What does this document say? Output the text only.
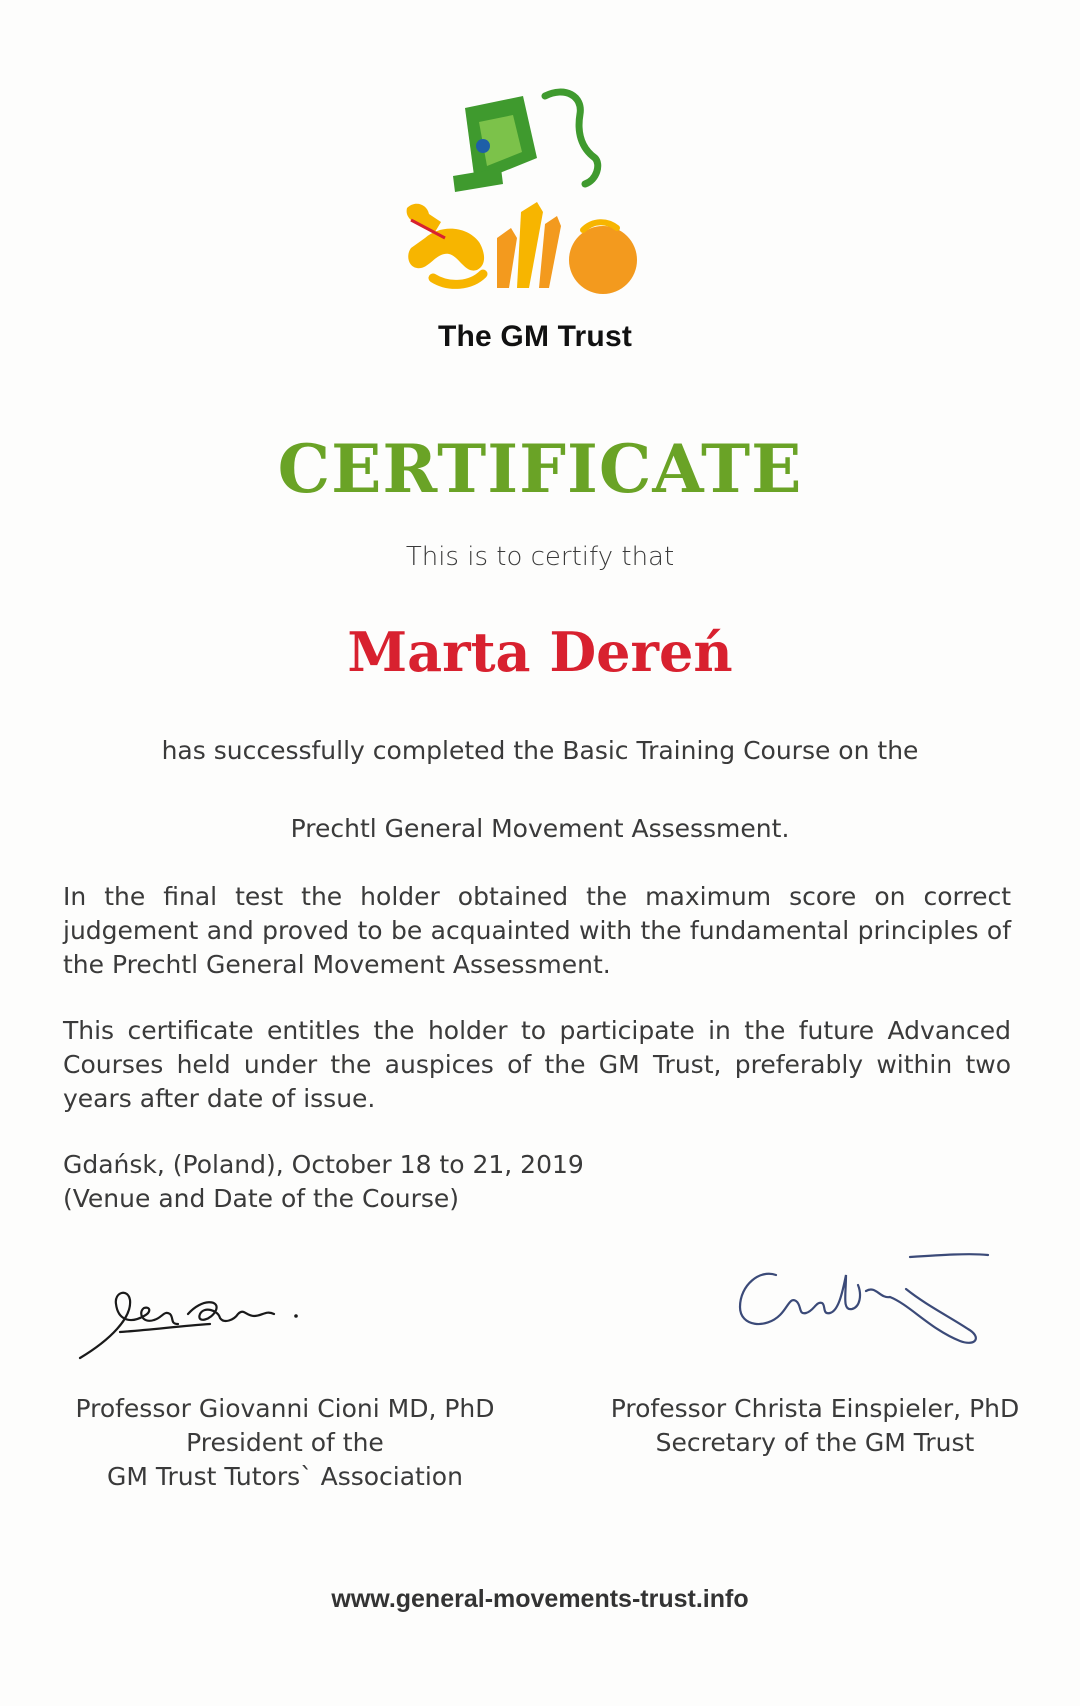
The GM Trust
CERTIFICATE
This is to certify that
Marta Dereń
has successfully completed the Basic Training Course on the
Prechtl General Movement Assessment.
In the final test the holder obtained the maximum score on correct judgement and proved to be acquainted with the fundamental principles of the Prechtl General Movement Assessment.
This certificate entitles the holder to participate in the future Advanced Courses held under the auspices of the GM Trust, preferably within two years after date of issue.
Gdańsk, (Poland), October 18 to 21, 2019
(Venue and Date of the Course)
Professor Giovanni Cioni MD, PhD
President of the
GM Trust Tutors` Association
Professor Christa Einspieler, PhD
Secretary of the GM Trust
www.general-movements-trust.info
